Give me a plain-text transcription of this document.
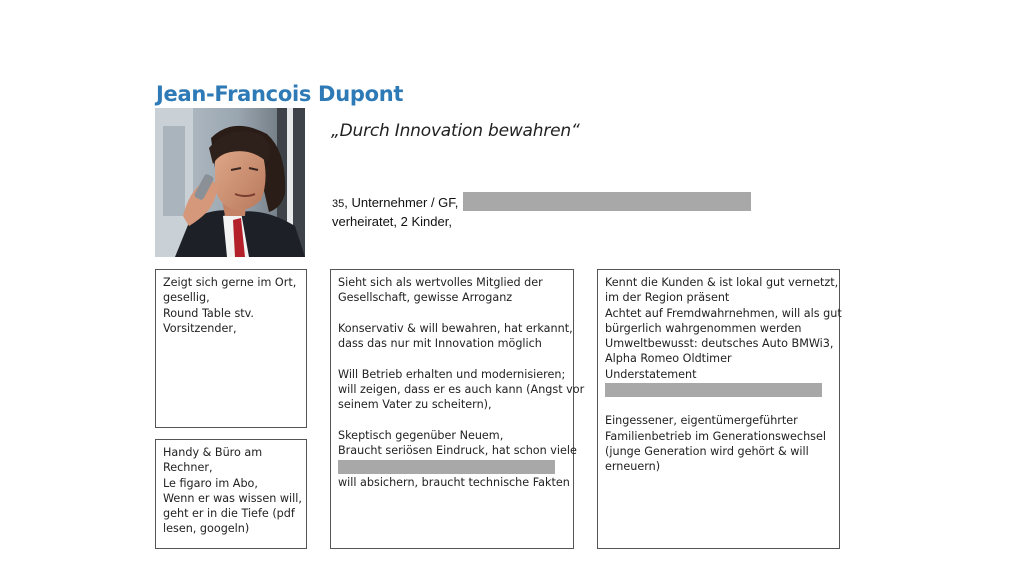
Jean-Francois Dupont
„Durch Innovation bewahren“
35, Unternehmer / GF,
verheiratet, 2 Kinder,
Zeigt sich gerne im Ort,
gesellig,
Round Table stv.
Vorsitzender,
Handy & Büro am
Rechner,
Le figaro im Abo,
Wenn er was wissen will,
geht er in die Tiefe (pdf
lesen, googeln)
Sieht sich als wertvolles Mitglied der
Gesellschaft, gewisse Arroganz
Konservativ & will bewahren, hat erkannt,
dass das nur mit Innovation möglich
Will Betrieb erhalten und modernisieren;
will zeigen, dass er es auch kann (Angst vor
seinem Vater zu scheitern),
Skeptisch gegenüber Neuem,
Braucht seriösen Eindruck, hat schon viele
will absichern, braucht technische Fakten
Kennt die Kunden & ist lokal gut vernetzt,
im der Region präsent
Achtet auf Fremdwahrnehmen, will als gut
bürgerlich wahrgenommen werden
Umweltbewusst: deutsches Auto BMWi3,
Alpha Romeo Oldtimer
Understatement
Eingessener, eigentümergeführter
Familienbetrieb im Generationswechsel
(junge Generation wird gehört & will
erneuern)
